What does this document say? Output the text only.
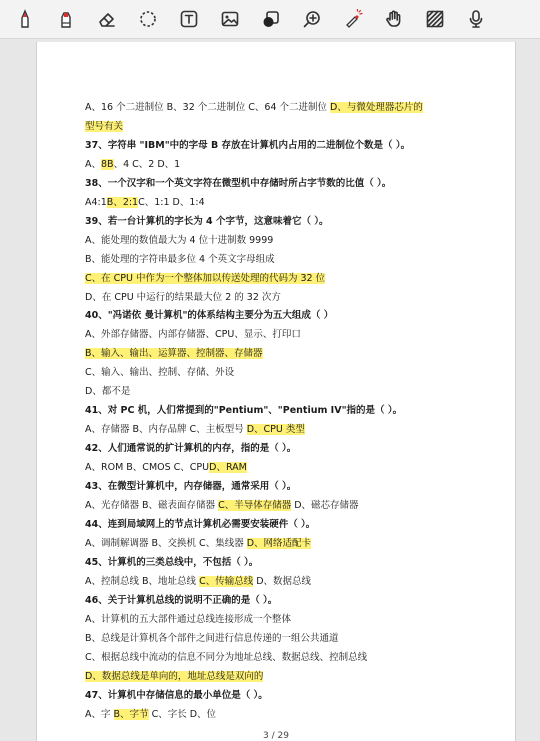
A、16 个二进制位 B、32 个二进制位 C、64 个二进制位 D、与微处理器芯片的
型号有关
37、字符串 "IBM"中的字母 B 存放在计算机内占用的二进制位个数是（ ）。
A、8B、4 C、2 D、1
38、一个汉字和一个英文字符在微型机中存储时所占字节数的比值（ ）。
A4:1B、2:1C、1:1 D、1:4
39、若一台计算机的字长为 4 个字节，这意味着它（ ）。
A、能处理的数值最大为 4 位十进制数 9999
B、能处理的字符串最多位 4 个英文字母组成
C、在 CPU 中作为一个整体加以传送处理的代码为 32 位
D、在 CPU 中运行的结果最大位 2 的 32 次方
40、"冯诺依 曼计算机"的体系结构主要分为五大组成（ ）
A、外部存储器、内部存储器、CPU、显示、打印口
B、输入、输出、运算器、控制器、存储器
C、输入、输出、控制、存储、外设
D、都不是
41、对 PC 机，人们常提到的"Pentium"、"Pentium IV"指的是（ ）。
A、存储器 B、内存品牌 C、主板型号 D、CPU 类型
42、人们通常说的扩计算机的内存，指的是（ ）。
A、ROM B、CMOS C、CPUD、RAM
43、在微型计算机中，内存储器，通常采用（ ）。
A、光存储器 B、磁表面存储器 C、半导体存储器 D、磁芯存储器
44、连到局域网上的节点计算机必需要安装硬件（ ）。
A、调制解调器 B、交换机 C、集线器 D、网络适配卡
45、计算机的三类总线中，不包括（ ）。
A、控制总线 B、地址总线 C、传输总线 D、数据总线
46、关于计算机总线的说明不正确的是（ ）。
A、计算机的五大部件通过总线连接形成一个整体
B、总线是计算机各个部件之间进行信息传递的一组公共通道
C、根据总线中流动的信息不同分为地址总线、数据总线、控制总线
D、数据总线是单向的，地址总线是双向的
47、计算机中存储信息的最小单位是（ ）。
A、字 B、字节 C、字长 D、位
3 / 29
